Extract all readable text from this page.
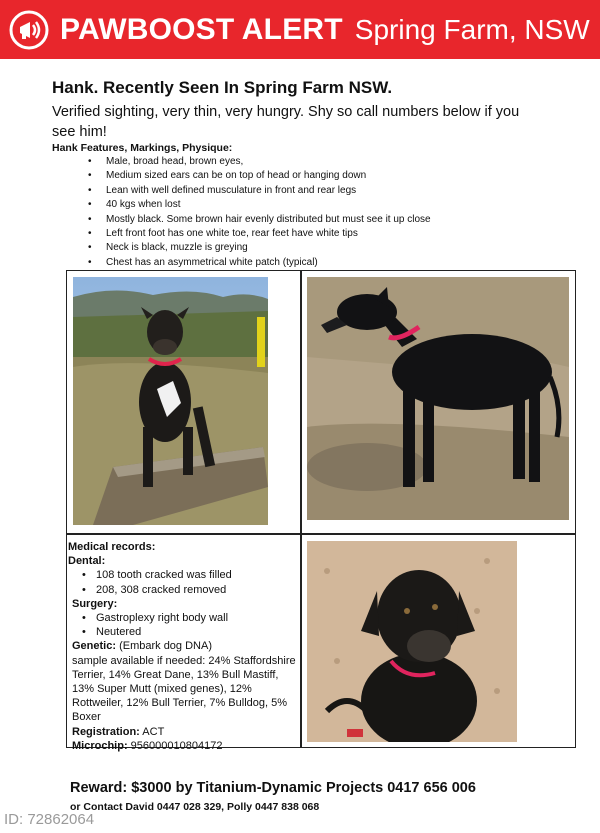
PAWBOOST ALERT Spring Farm, NSW
Hank. Recently Seen In Spring Farm NSW.
Verified sighting, very thin, very hungry. Shy so call numbers below if you see him!
Hank Features, Markings, Physique:
• Male, broad head, brown eyes,
• Medium sized ears can be on top of head or hanging down
• Lean with well defined musculature in front and rear legs
• 40 kgs when lost
• Mostly black. Some brown hair evenly distributed but must see it up close
• Left front foot has one white toe, rear feet have white tips
• Neck is black, muzzle is greying
• Chest has an asymmetrical white patch (typical)
Medical records:
Dental:
• 108 tooth cracked was filled
• 208, 308 cracked removed
Surgery:
• Gastroplexy right body wall
• Neutered
Genetic: (Embark dog DNA)
sample available if needed: 24% Staffordshire Terrier, 14% Great Dane, 13% Bull Mastiff, 13% Super Mutt (mixed genes), 12% Rottweiler, 12% Bull Terrier, 7% Bulldog, 5% Boxer
Registration: ACT
Microchip: 956000010804172
Reward: $3000 by Titanium-Dynamic Projects 0417 656 006
or Contact David 0447 028 329, Polly 0447 838 068
ID: 72862064
